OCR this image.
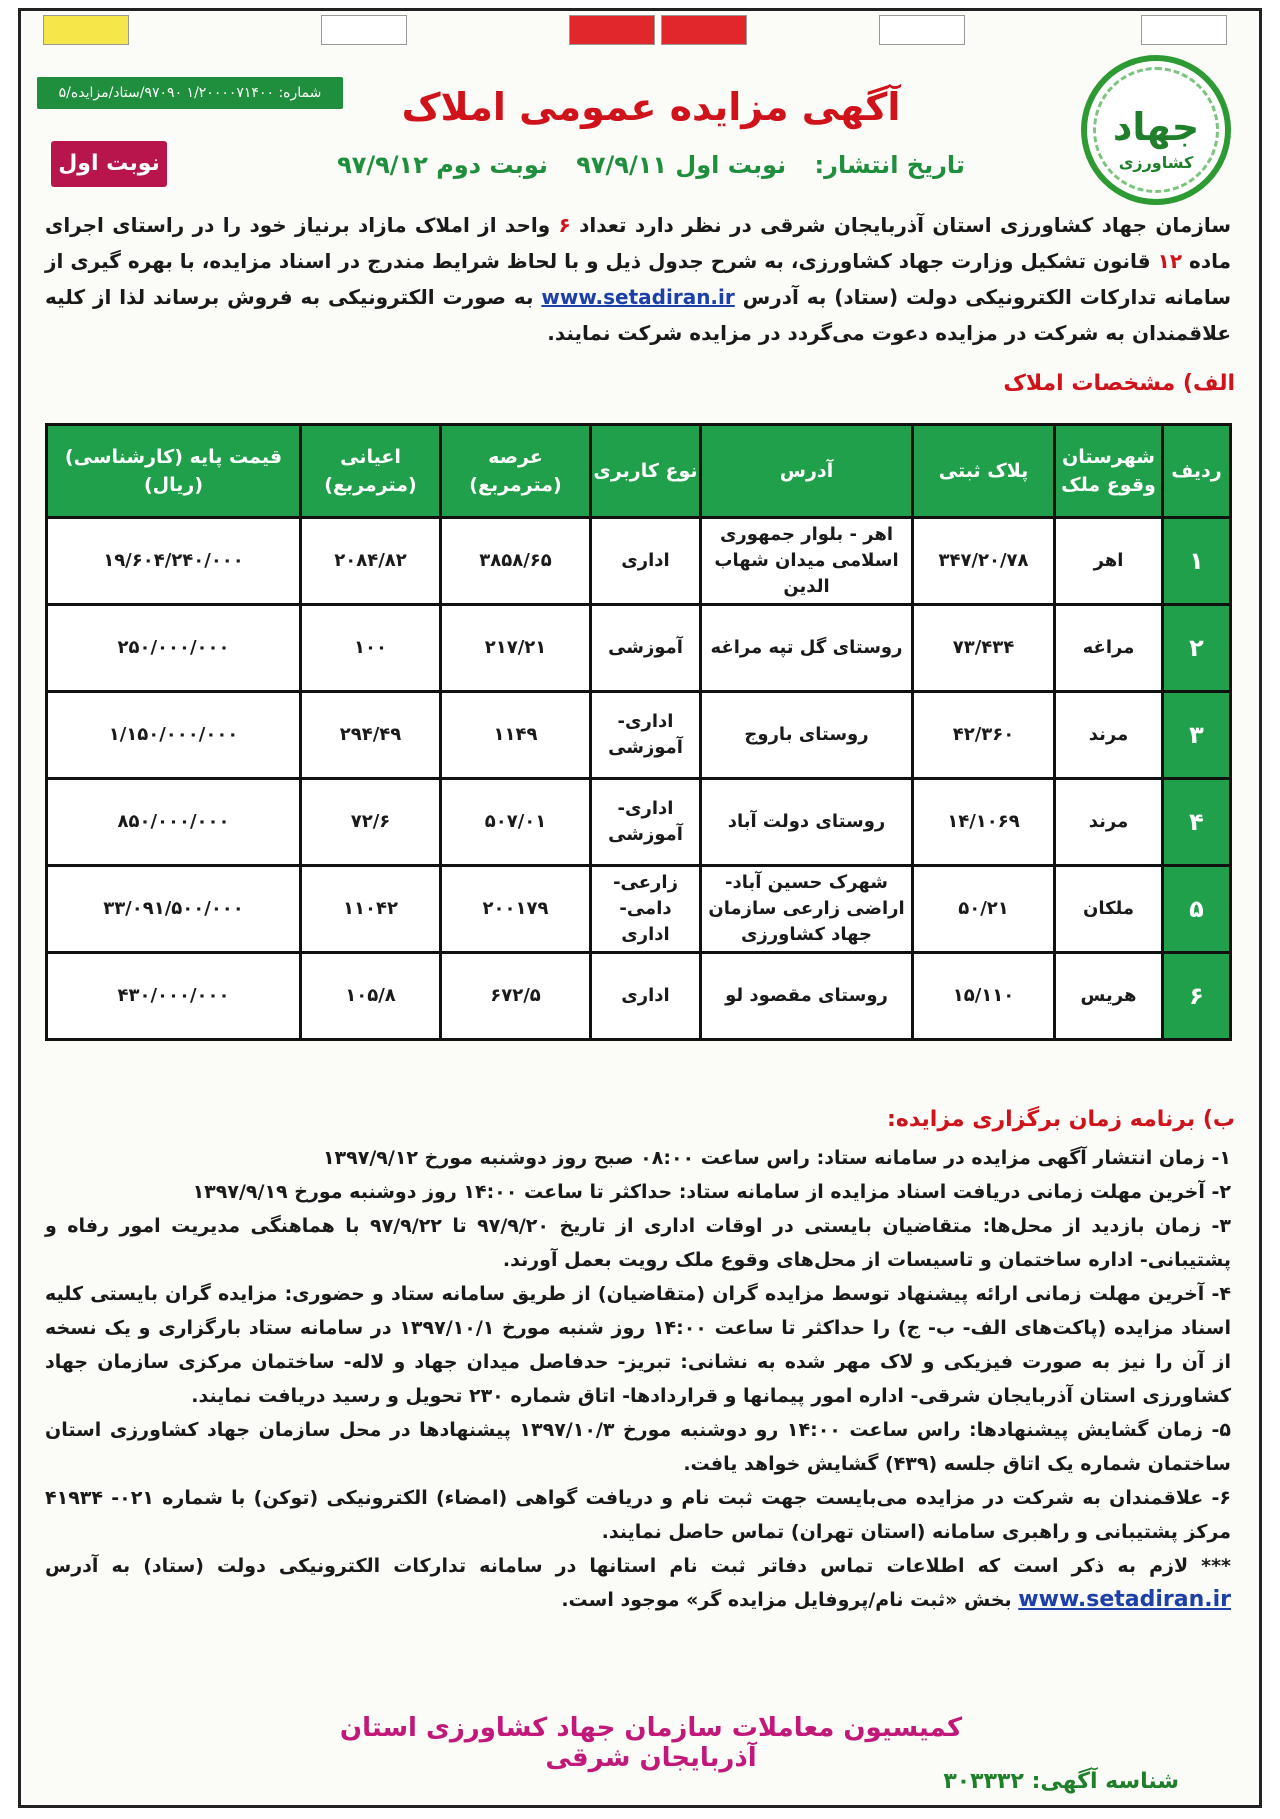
جهاد
کشاورزی
آگهی مزایده عمومی املاک
شماره: ۱/۲۰۰۰۰۷۱۴۰۰ ۹۷۰۹۰/ستاد/مزایده/۵
نوبت اول	تاریخ انتشار: نوبت اول ۹۷/۹/۱۱ نوبت دوم ۹۷/۹/۱۲
سازمان جهاد کشاورزی استان آذربایجان شرقی در نظر دارد تعداد ۶ واحد از املاک مازاد برنیاز خود را در راستای اجرای ماده ۱۲ قانون تشکیل وزارت جهاد کشاورزی، به شرح جدول ذیل و با لحاظ شرایط مندرج در اسناد مزایده، با بهره گیری از سامانه تدارکات الکترونیکی دولت (ستاد) به آدرس www.setadiran.ir به صورت الکترونیکی به فروش برساند لذا از کلیه علاقمندان به شرکت در مزایده دعوت می‌گردد در مزایده شرکت نمایند.
الف) مشخصات املاک
ردیف	شهرستان وقوع ملک	پلاک ثبتی	آدرس	نوع کاربری	عرصه (مترمربع)	اعیانی (مترمربع)	قیمت پایه (کارشناسی) (ریال)
۱	اهر	۳۴۷/۲۰/۷۸	اهر - بلوار جمهوری اسلامی میدان شهاب الدین	اداری	۳۸۵۸/۶۵	۲۰۸۴/۸۲	۱۹/۶۰۴/۲۴۰/۰۰۰
۲	مراغه	۷۳/۴۳۴	روستای گل تپه مراغه	آموزشی	۲۱۷/۲۱	۱۰۰	۲۵۰/۰۰۰/۰۰۰
۳	مرند	۴۲/۳۶۰	روستای باروج	اداری- آموزشی	۱۱۴۹	۲۹۴/۴۹	۱/۱۵۰/۰۰۰/۰۰۰
۴	مرند	۱۴/۱۰۶۹	روستای دولت آباد	اداری- آموزشی	۵۰۷/۰۱	۷۲/۶	۸۵۰/۰۰۰/۰۰۰
۵	ملکان	۵۰/۲۱	شهرک حسین آباد- اراضی زارعی سازمان جهاد کشاورزی	زارعی- دامی- اداری	۲۰۰۱۷۹	۱۱۰۴۲	۳۳/۰۹۱/۵۰۰/۰۰۰
۶	هریس	۱۵/۱۱۰	روستای مقصود لو	اداری	۶۷۲/۵	۱۰۵/۸	۴۳۰/۰۰۰/۰۰۰
ب) برنامه زمان برگزاری مزایده:

۱- زمان انتشار آگهی مزایده در سامانه ستاد: راس ساعت ۰۸:۰۰ صبح روز دوشنبه مورخ ۱۳۹۷/۹/۱۲

۲- آخرین مهلت زمانی دریافت اسناد مزایده از سامانه ستاد: حداکثر تا ساعت ۱۴:۰۰ روز دوشنبه مورخ ۱۳۹۷/۹/۱۹

۳- زمان بازدید از محل‌ها: متقاضیان بایستی در اوقات اداری از تاریخ ۹۷/۹/۲۰ تا ۹۷/۹/۲۲ با هماهنگی مدیریت امور رفاه و پشتیبانی- اداره ساختمان و تاسیسات از محل‌های وقوع ملک رویت بعمل آورند.

۴- آخرین مهلت زمانی ارائه پیشنهاد توسط مزایده گران (متقاضیان) از طریق سامانه ستاد و حضوری: مزایده گران بایستی کلیه اسناد مزایده (پاکت‌های الف- ب- ج) را حداکثر تا ساعت ۱۴:۰۰ روز شنبه مورخ ۱۳۹۷/۱۰/۱ در سامانه ستاد بارگزاری و یک نسخه از آن را نیز به صورت فیزیکی و لاک مهر شده به نشانی: تبریز- حدفاصل میدان جهاد و لاله- ساختمان مرکزی سازمان جهاد کشاورزی استان آذربایجان شرقی- اداره امور پیمانها و قراردادها- اتاق شماره ۲۳۰ تحویل و رسید دریافت نمایند.

۵- زمان گشایش پیشنهادها: راس ساعت ۱۴:۰۰ رو دوشنبه مورخ ۱۳۹۷/۱۰/۳ پیشنهادها در محل سازمان جهاد کشاورزی استان ساختمان شماره یک اتاق جلسه (۴۳۹) گشایش خواهد یافت.

۶- علاقمندان به شرکت در مزایده می‌بایست جهت ثبت نام و دریافت گواهی (امضاء) الکترونیکی (توکن) با شماره ۰۲۱- ۴۱۹۳۴ مرکز پشتیبانی و راهبری سامانه (استان تهران) تماس حاصل نمایند.

*** لازم به ذکر است که اطلاعات تماس دفاتر ثبت نام استانها در سامانه تدارکات الکترونیکی دولت (ستاد) به آدرس www.setadiran.ir بخش «ثبت نام/پروفایل مزایده گر» موجود است.

کمیسیون معاملات سازمان جهاد کشاورزی استان آذربایجان شرقی
شناسه آگهی: ۳۰۳۳۳۲
